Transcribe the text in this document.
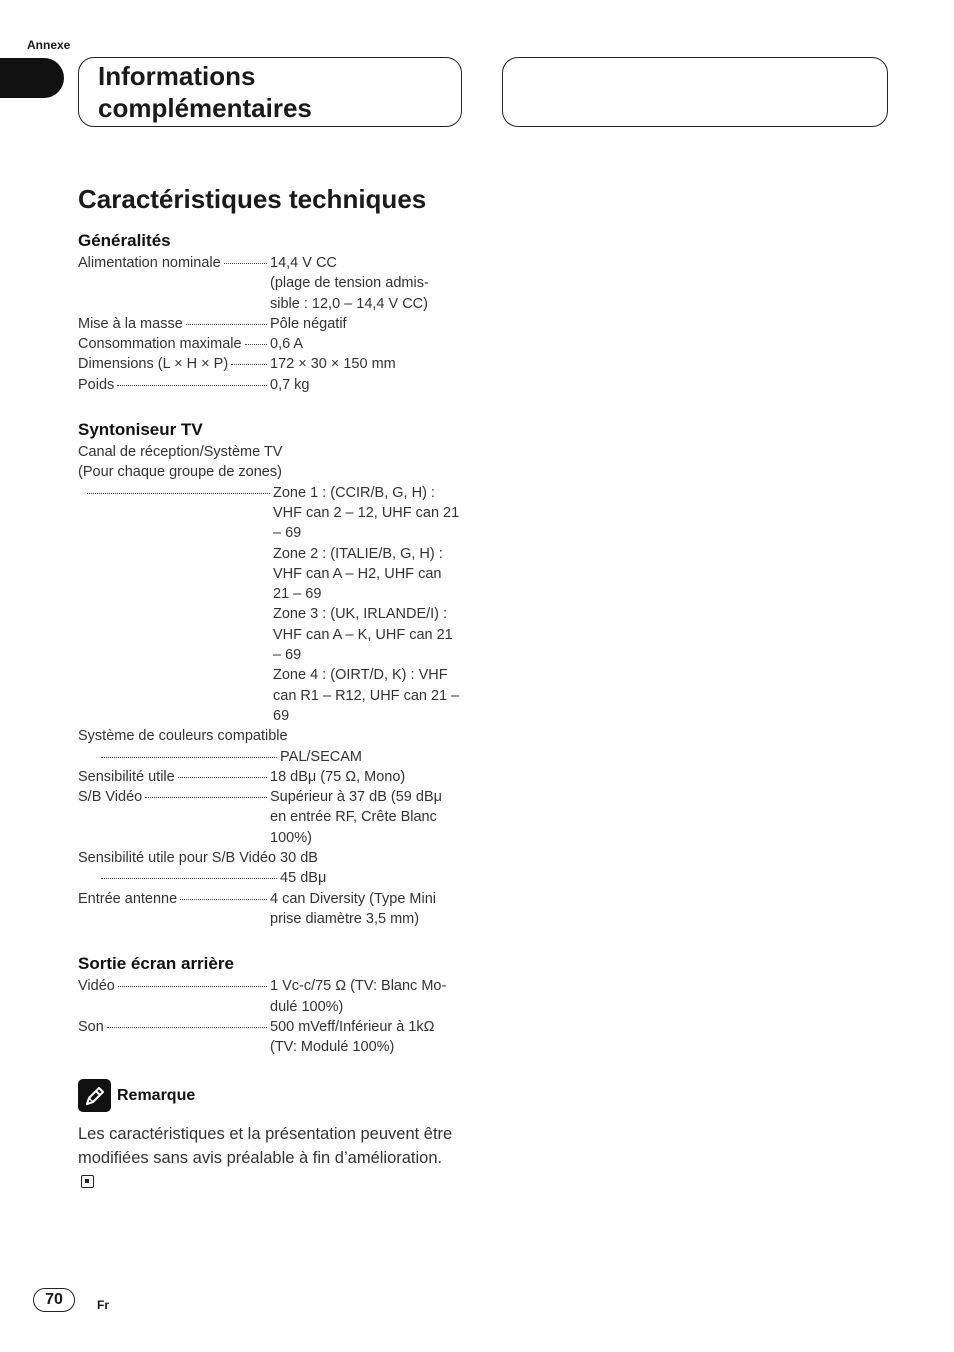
Annexe
Informations
complémentaires
Caractéristiques techniques
Généralités
Alimentation nominale	14,4 V CC
(plage de tension admis-
sible : 12,0 – 14,4 V CC)
Mise à la masse	Pôle négatif
Consommation maximale 0,6 A
Dimensions (L × H × P)	172 × 30 × 150 mm
Poids	0,7 kg
Syntoniseur TV
Canal de réception/Système TV
(Pour chaque groupe de zones)
Zone 1 : (CCIR/B, G, H) :
VHF can 2 – 12, UHF can 21
– 69
Zone 2 : (ITALIE/B, G, H) :
VHF can A – H2, UHF can
21 – 69
Zone 3 : (UK, IRLANDE/I) :
VHF can A – K, UHF can 21
– 69
Zone 4 : (OIRT/D, K) : VHF
can R1 – R12, UHF can 21 –
69
Système de couleurs compatible
PAL/SECAM
Sensibilité utile	18 dBμ (75 Ω, Mono)
S/B Vidéo	Supérieur à 37 dB (59 dBμ
en entrée RF, Crête Blanc
100%)
Sensibilité utile pour S/B Vidéo 30 dB
45 dBμ
Entrée antenne	4 can Diversity (Type Mini
prise diamètre 3,5 mm)
Sortie écran arrière
Vidéo	1 Vc-c/75 Ω (TV: Blanc Mo-
dulé 100%)
Son	500 mVeff/Inférieur à 1kΩ
(TV: Modulé 100%)
Remarque
Les caractéristiques et la présentation peuvent être modifiées sans avis préalable à fin d’amélioration.
70	Fr
